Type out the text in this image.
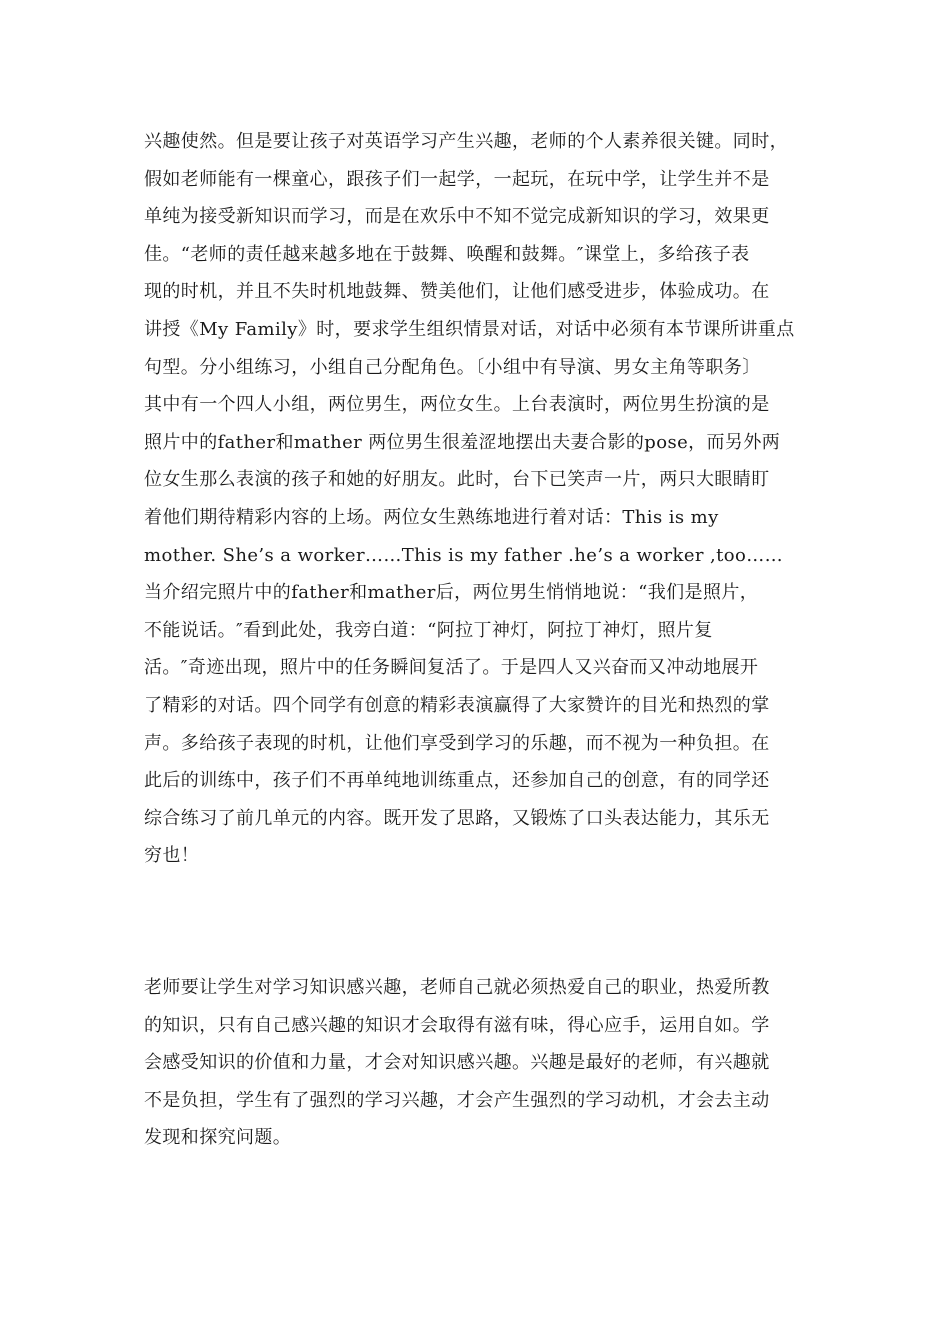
兴趣使然。但是要让孩子对英语学习产生兴趣，老师的个人素养很关键。同时，
假如老师能有一棵童心，跟孩子们一起学，一起玩，在玩中学，让学生并不是
单纯为接受新知识而学习，而是在欢乐中不知不觉完成新知识的学习，效果更
佳。“老师的责任越来越多地在于鼓舞、唤醒和鼓舞。″课堂上，多给孩子表
现的时机，并且不失时机地鼓舞、赞美他们，让他们感受进步，体验成功。在
讲授《My Family》时，要求学生组织情景对话，对话中必须有本节课所讲重点
句型。分小组练习，小组自己分配角色。〔小组中有导演、男女主角等职务〕
其中有一个四人小组，两位男生，两位女生。上台表演时，两位男生扮演的是
照片中的father和mather 两位男生很羞涩地摆出夫妻合影的pose，而另外两
位女生那么表演的孩子和她的好朋友。此时，台下已笑声一片，两只大眼睛盯
着他们期待精彩内容的上场。两位女生熟练地进行着对话：This is my
mother. She’s a worker……This is my father .he’s a worker ,too……
当介绍完照片中的father和mather后，两位男生悄悄地说：“我们是照片，
不能说话。″看到此处，我旁白道：“阿拉丁神灯，阿拉丁神灯，照片复
活。″奇迹出现，照片中的任务瞬间复活了。于是四人又兴奋而又冲动地展开
了精彩的对话。四个同学有创意的精彩表演赢得了大家赞许的目光和热烈的掌
声。多给孩子表现的时机，让他们享受到学习的乐趣，而不视为一种负担。在
此后的训练中，孩子们不再单纯地训练重点，还参加自己的创意，有的同学还
综合练习了前几单元的内容。既开发了思路，又锻炼了口头表达能力，其乐无
穷也！
老师要让学生对学习知识感兴趣，老师自己就必须热爱自己的职业，热爱所教
的知识，只有自己感兴趣的知识才会取得有滋有味，得心应手，运用自如。学
会感受知识的价值和力量，才会对知识感兴趣。兴趣是最好的老师，有兴趣就
不是负担，学生有了强烈的学习兴趣，才会产生强烈的学习动机，才会去主动
发现和探究问题。
